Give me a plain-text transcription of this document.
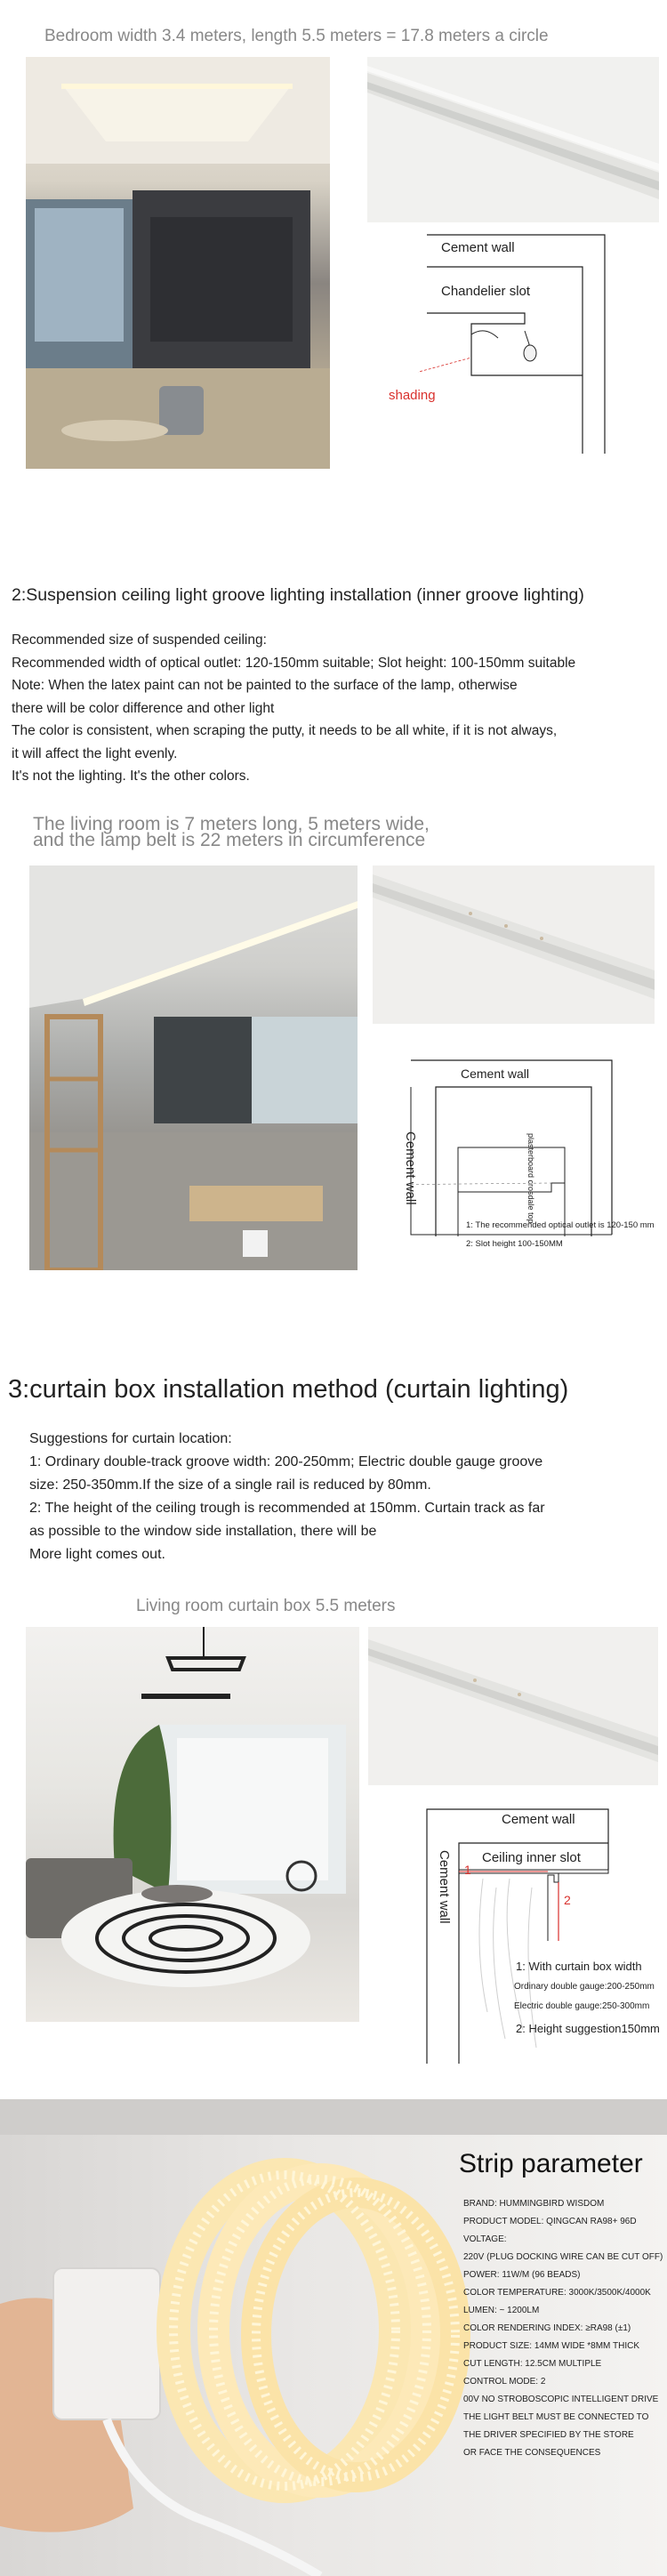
Bedroom width 3.4 meters, length 5.5 meters = 17.8 meters a circle
Cement wall
Chandelier slot
shading
2:Suspension ceiling light groove lighting installation (inner groove lighting)
Recommended size of suspended ceiling:
Recommended width of optical outlet: 120-150mm suitable; Slot height: 100-150mm suitable
Note: When the latex paint can not be painted to the surface of the lamp, otherwise
there will be color difference and other light
The color is consistent, when scraping the putty, it needs to be all white, if it is not always,
it will affect the light evenly.
It's not the lighting. It's the other colors.
The living room is 7 meters long, 5 meters wide,
and the lamp belt is 22 meters in circumference
Cement wall
plasterboard crosdale top
Cement wall
1: The recommended optical outlet is 120-150 mm
2: Slot height 100-150MM
3:curtain box installation method (curtain lighting)
Suggestions for curtain location:
1: Ordinary double-track groove width: 200-250mm; Electric double gauge groove
size: 250-350mm.If the size of a single rail is reduced by 80mm.
2: The height of the ceiling trough is recommended at 150mm. Curtain track as far
as possible to the window side installation, there will be
More light comes out.
Living room curtain box 5.5 meters
Cement wall
Ceiling inner slot
1
2
Cement wall
1: With curtain box width
Ordinary double gauge:200-250mm
Electric double gauge:250-300mm
2: Height suggestion150mm
Strip parameter
BRAND: HUMMINGBIRD WISDOM
PRODUCT MODEL: QINGCAN RA98+ 96D
VOLTAGE:
220V (PLUG DOCKING WIRE CAN BE CUT OFF)
POWER: 11W/M (96 BEADS)
COLOR TEMPERATURE: 3000K/3500K/4000K
LUMEN: ~ 1200LM
COLOR RENDERING INDEX: ≥RA98 (±1)
PRODUCT SIZE: 14MM WIDE *8MM THICK
CUT LENGTH: 12.5CM MULTIPLE
CONTROL MODE: 2
00V NO STROBOSCOPIC INTELLIGENT DRIVE
THE LIGHT BELT MUST BE CONNECTED TO
THE DRIVER SPECIFIED BY THE STORE
OR FACE THE CONSEQUENCES
